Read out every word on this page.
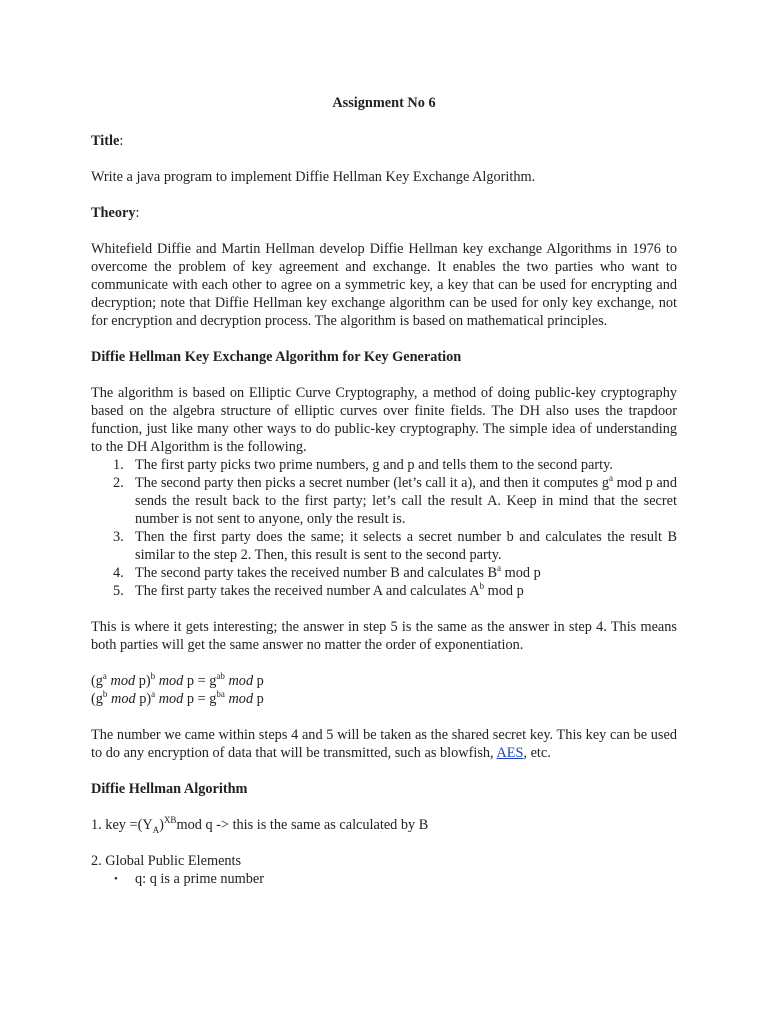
Assignment No 6

Title:

Write a java program to implement Diffie Hellman Key Exchange Algorithm.

Theory:

Whitefield Diffie and Martin Hellman develop Diffie Hellman key exchange Algorithms in 1976 to overcome the problem of key agreement and exchange. It enables the two parties who want to communicate with each other to agree on a symmetric key, a key that can be used for encrypting and decryption; note that Diffie Hellman key exchange algorithm can be used for only key exchange, not for encryption and decryption process. The algorithm is based on mathematical principles.

Diffie Hellman Key Exchange Algorithm for Key Generation

The algorithm is based on Elliptic Curve Cryptography, a method of doing public-key cryptography based on the algebra structure of elliptic curves over finite fields. The DH also uses the trapdoor function, just like many other ways to do public-key cryptography. The simple idea of understanding to the DH Algorithm is the following.

1. The first party picks two prime numbers, g and p and tells them to the second party.
2. The second party then picks a secret number (let’s call it a), and then it computes $g^a$ mod p and sends the result back to the first party; let’s call the result A. Keep in mind that the secret number is not sent to anyone, only the result is.
3. Then the first party does the same; it selects a secret number b and calculates the result B similar to the step 2. Then, this result is sent to the second party.
4. The second party takes the received number B and calculates $B^a$ mod p
5. The first party takes the received number A and calculates $A^b$ mod p

This is where it gets interesting; the answer in step 5 is the same as the answer in step 4. This means both parties will get the same answer no matter the order of exponentiation.

($g^a$ mod p)$^b$ mod $p = g^{ab}$ mod p

($g^b$ mod p)$^a$ mod $p = g^{ba}$ mod p

The number we came within steps 4 and 5 will be taken as the shared secret key. This key can be used to do any encryption of data that will be transmitted, such as blowfish, AES, etc.

Diffie Hellman Algorithm

1. key $=(Y_A)^{XB}mod$ q -> this is the same as calculated by B

2. Global Public Elements

• q: q is a prime number
